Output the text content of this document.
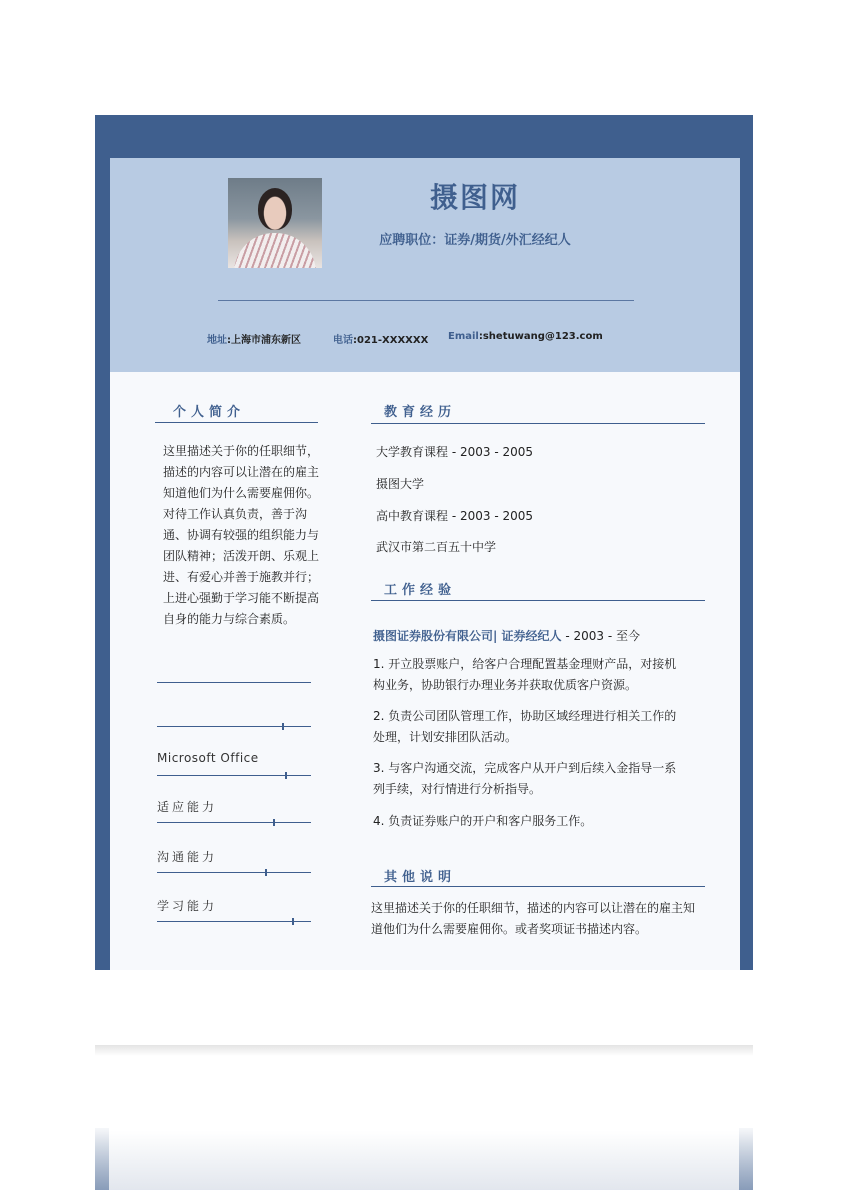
摄图网
应聘职位：证券/期货/外汇经纪人
地址:上海市浦东新区	电话:021-XXXXXX Email:shetuwang@123.com
个人简介
这里描述关于你的任职细节，
描述的内容可以让潜在的雇主
知道他们为什么需要雇佣你。
对待工作认真负责，善于沟
通、协调有较强的组织能力与
团队精神；活泼开朗、乐观上
进、有爱心并善于施教并行；
上进心强勤于学习能不断提高
自身的能力与综合素质。
Microsoft Office
适应能力
沟通能力
学习能力
教育经历
大学教育课程 - 2003 - 2005
摄图大学
高中教育课程 - 2003 - 2005
武汉市第二百五十中学
工作经验
摄图证券股份有限公司| 证券经纪人 - 2003 - 至今
1. 开立股票账户，给客户合理配置基金理财产品，对接机
构业务，协助银行办理业务并获取优质客户资源。
2. 负责公司团队管理工作，协助区域经理进行相关工作的
处理，计划安排团队活动。
3. 与客户沟通交流，完成客户从开户到后续入金指导一系
列手续，对行情进行分析指导。
4. 负责证券账户的开户和客户服务工作。
其他说明
这里描述关于你的任职细节，描述的内容可以让潜在的雇主知
道他们为什么需要雇佣你。或者奖项证书描述内容。
